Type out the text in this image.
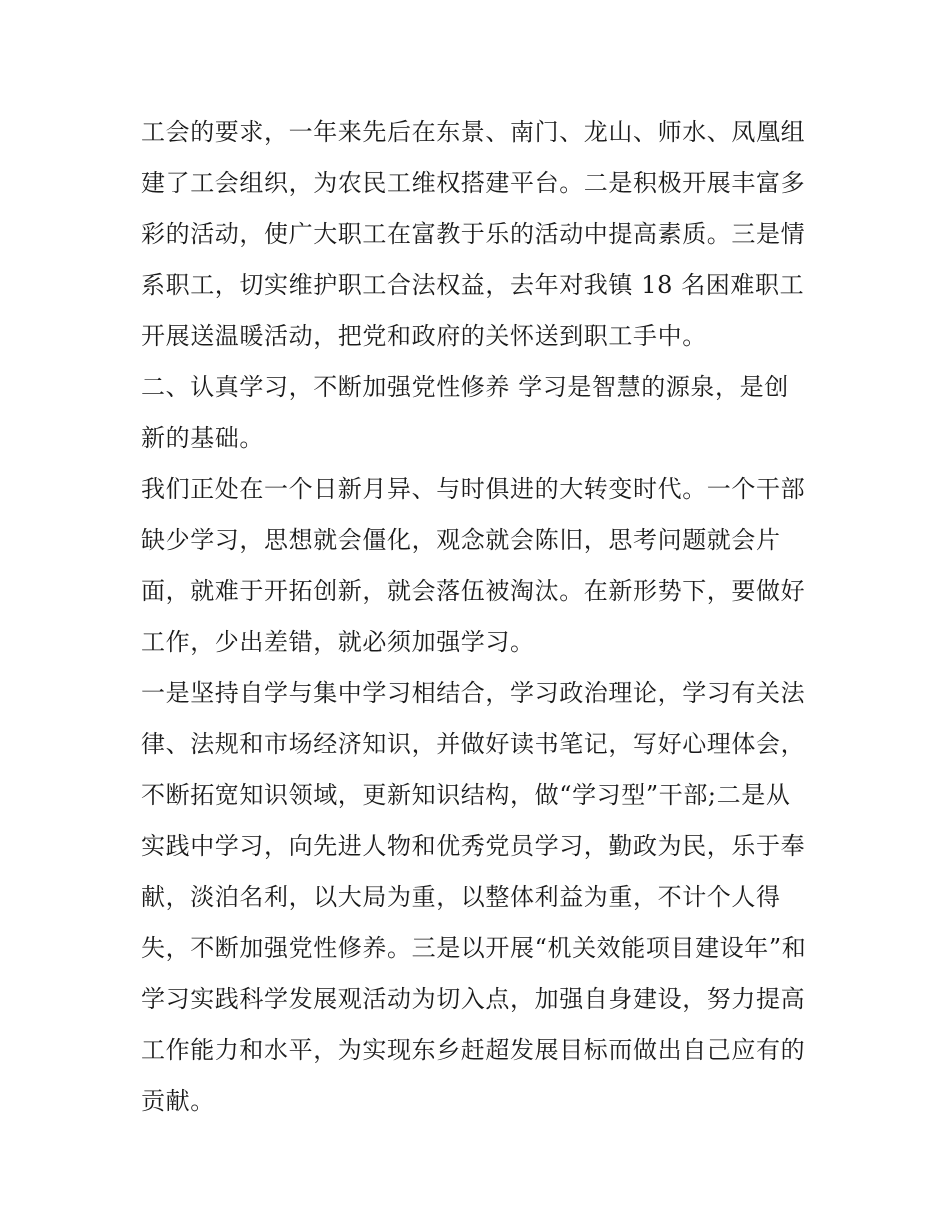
工会的要求，一年来先后在东景、南门、龙山、师水、凤凰组
建了工会组织，为农民工维权搭建平台。二是积极开展丰富多
彩的活动，使广大职工在富教于乐的活动中提高素质。三是情
系职工，切实维护职工合法权益，去年对我镇 18 名困难职工
开展送温暖活动，把党和政府的关怀送到职工手中。
二、认真学习，不断加强党性修养 学习是智慧的源泉，是创
新的基础。
我们正处在一个日新月异、与时俱进的大转变时代。一个干部
缺少学习，思想就会僵化，观念就会陈旧，思考问题就会片
面，就难于开拓创新，就会落伍被淘汰。在新形势下，要做好
工作，少出差错，就必须加强学习。
一是坚持自学与集中学习相结合，学习政治理论，学习有关法
律、法规和市场经济知识，并做好读书笔记，写好心理体会，
不断拓宽知识领域，更新知识结构，做“学习型”干部;二是从
实践中学习，向先进人物和优秀党员学习，勤政为民，乐于奉
献，淡泊名利，以大局为重，以整体利益为重，不计个人得
失，不断加强党性修养。三是以开展“机关效能项目建设年”和
学习实践科学发展观活动为切入点，加强自身建设，努力提高
工作能力和水平，为实现东乡赶超发展目标而做出自己应有的
贡献。
